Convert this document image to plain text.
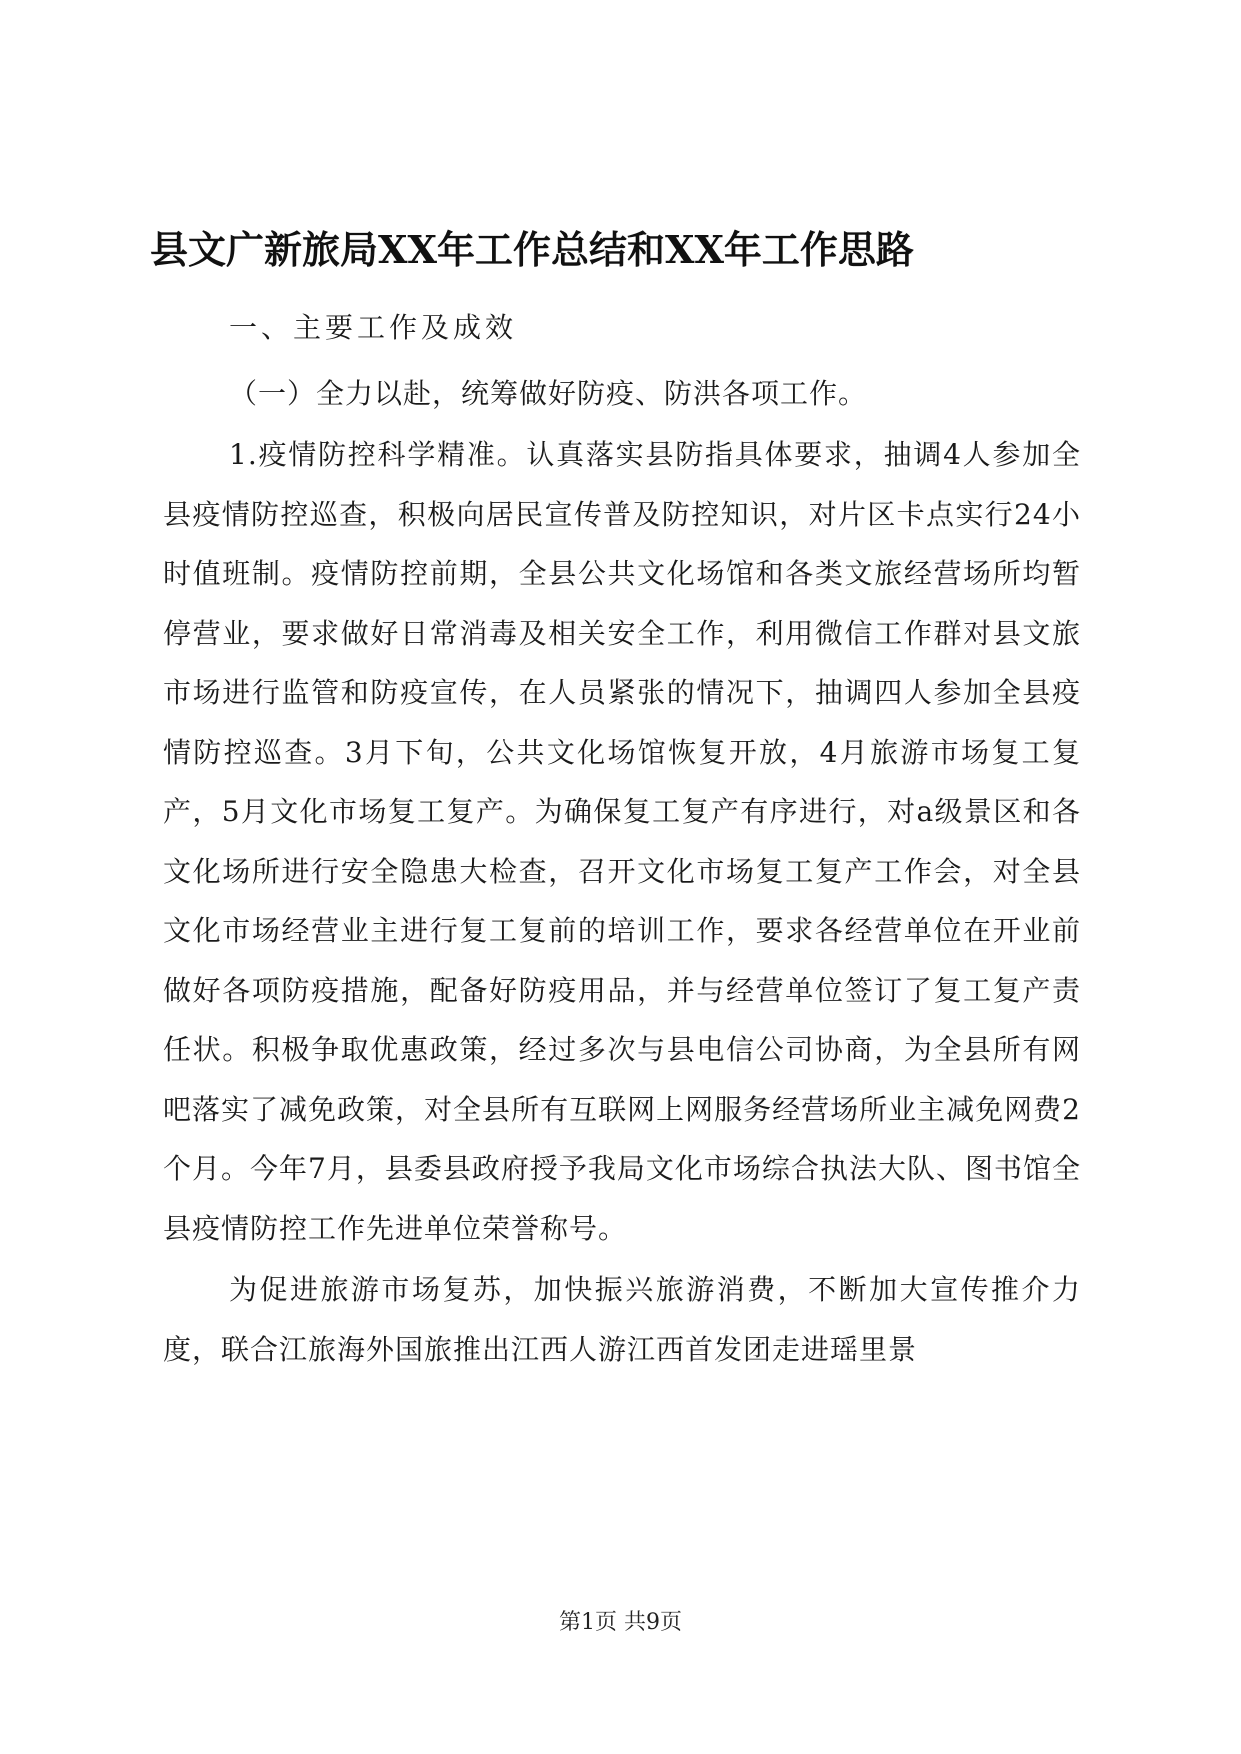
县文广新旅局XX年工作总结和XX年工作思路

一、主要工作及成效

（一）全力以赴，统筹做好防疫、防洪各项工作。

1.疫情防控科学精准。认真落实县防指具体要求，抽调4人参加全县疫情防控巡查，积极向居民宣传普及防控知识，对片区卡点实行24小时值班制。疫情防控前期，全县公共文化场馆和各类文旅经营场所均暂停营业，要求做好日常消毒及相关安全工作，利用微信工作群对县文旅市场进行监管和防疫宣传，在人员紧张的情况下，抽调四人参加全县疫情防控巡查。3月下旬，公共文化场馆恢复开放，4月旅游市场复工复产，5月文化市场复工复产。为确保复工复产有序进行，对a级景区和各文化场所进行安全隐患大检查，召开文化市场复工复产工作会，对全县文化市场经营业主进行复工复前的培训工作，要求各经营单位在开业前做好各项防疫措施，配备好防疫用品，并与经营单位签订了复工复产责任状。积极争取优惠政策，经过多次与县电信公司协商，为全县所有网吧落实了减免政策，对全县所有互联网上网服务经营场所业主减免网费2个月。今年7月，县委县政府授予我局文化市场综合执法大队、图书馆全县疫情防控工作先进单位荣誉称号。

为促进旅游市场复苏，加快振兴旅游消费，不断加大宣传推介力度，联合江旅海外国旅推出江西人游江西首发团走进瑶里景

第1页 共9页
